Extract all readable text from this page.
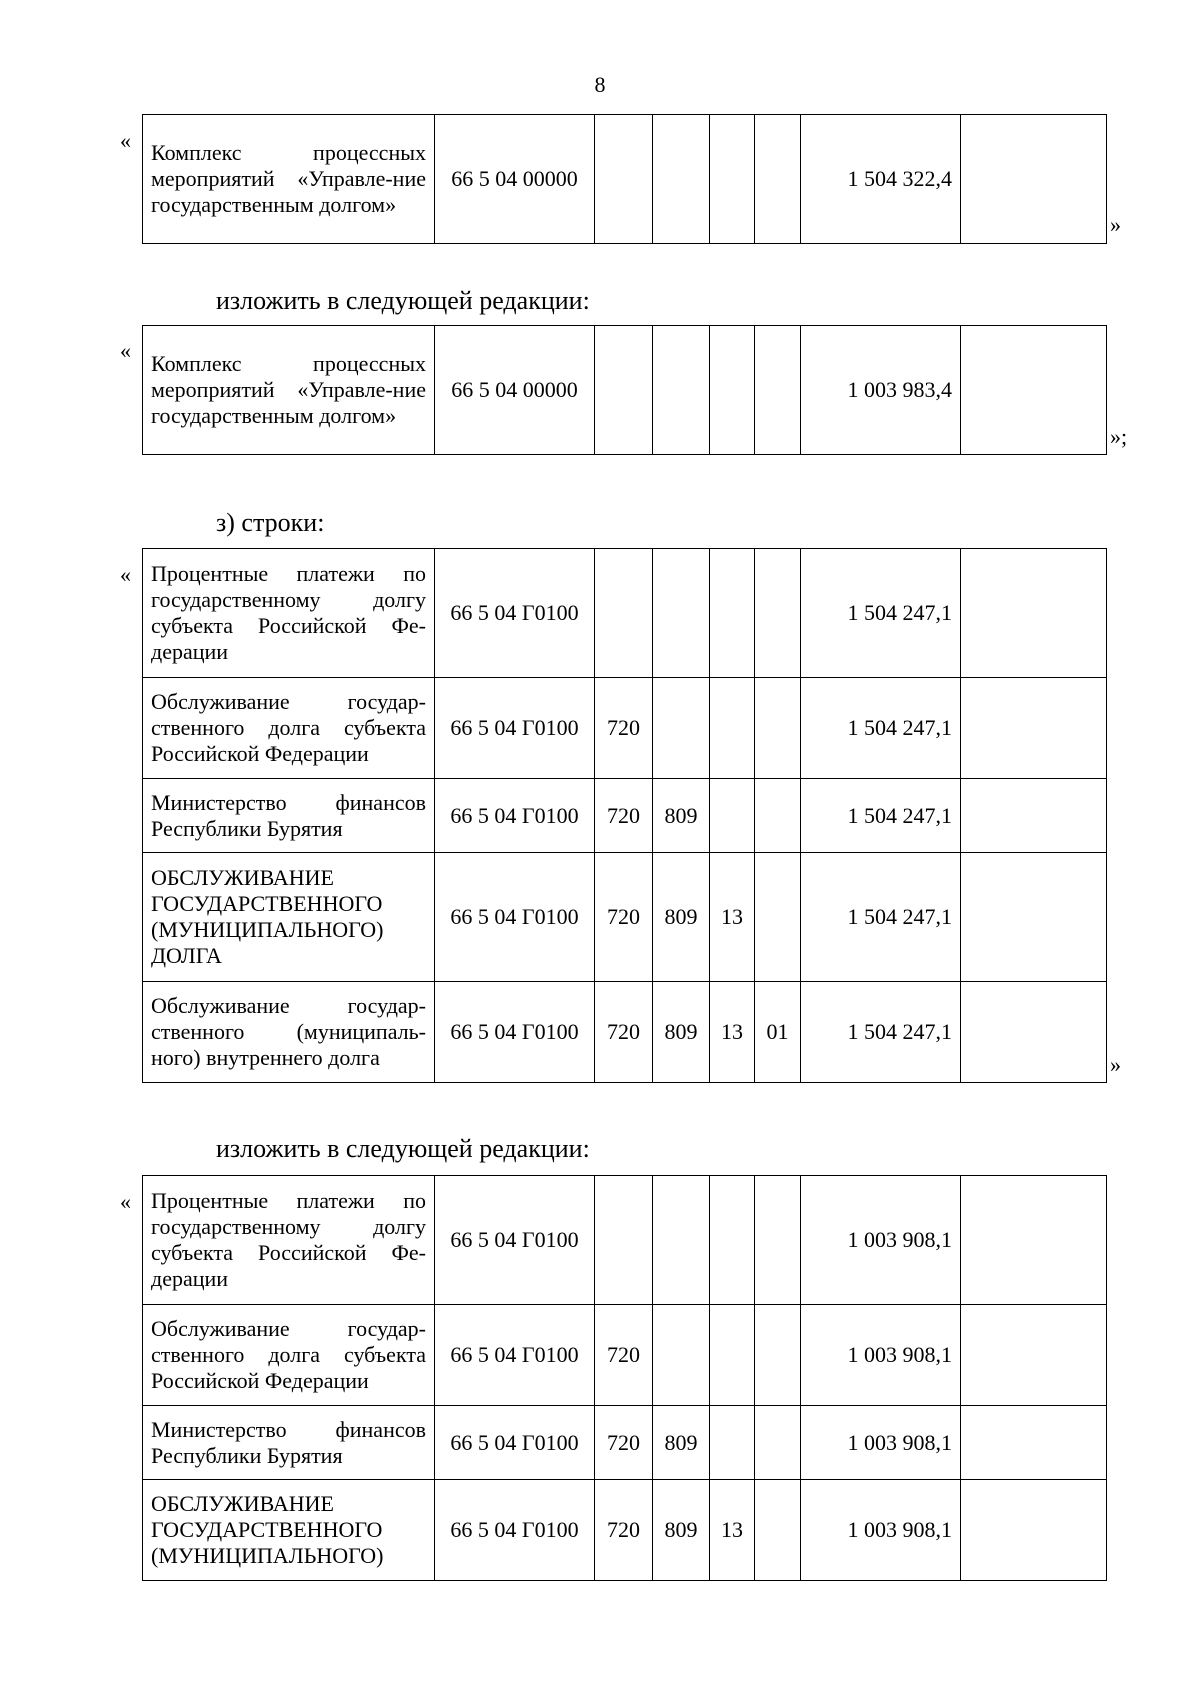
8
« Комплекс процессных мероприятий «Управле-ние государственным долгом»	66 5 04 00000					1 504 322,4	
»
изложить в следующей редакции:
«
Комплекс процессных мероприятий «Управле-ние государственным долгом»	66 5 04 00000					1 003 983,4	
»;
з) строки:
« Процентные платежи по государственному долгу субъекта Российской Фе-дерации	66 5 04 Г0100					1 504 247,1	
Обслуживание государ-ственного долга субъекта Российской Федерации	66 5 04 Г0100	720				1 504 247,1	
Министерство финансов Республики Бурятия	66 5 04 Г0100	720	809			1 504 247,1	
ОБСЛУЖИВАНИЕ ГОСУДАРСТВЕННОГО (МУНИЦИПАЛЬНОГО) ДОЛГА	66 5 04 Г0100	720	809	13		1 504 247,1	
Обслуживание государ-ственного (муниципаль-ного) внутреннего долга	66 5 04 Г0100	720	809	13	01	1 504 247,1	
»
изложить в следующей редакции:
« Процентные платежи по государственному долгу субъекта Российской Фе-дерации	66 5 04 Г0100					1 003 908,1	
Обслуживание государ-ственного долга субъекта Российской Федерации	66 5 04 Г0100	720				1 003 908,1	
Министерство финансов Республики Бурятия	66 5 04 Г0100	720	809			1 003 908,1	
ОБСЛУЖИВАНИЕ ГОСУДАРСТВЕННОГО (МУНИЦИПАЛЬНОГО)	66 5 04 Г0100	720	809	13		1 003 908,1	
